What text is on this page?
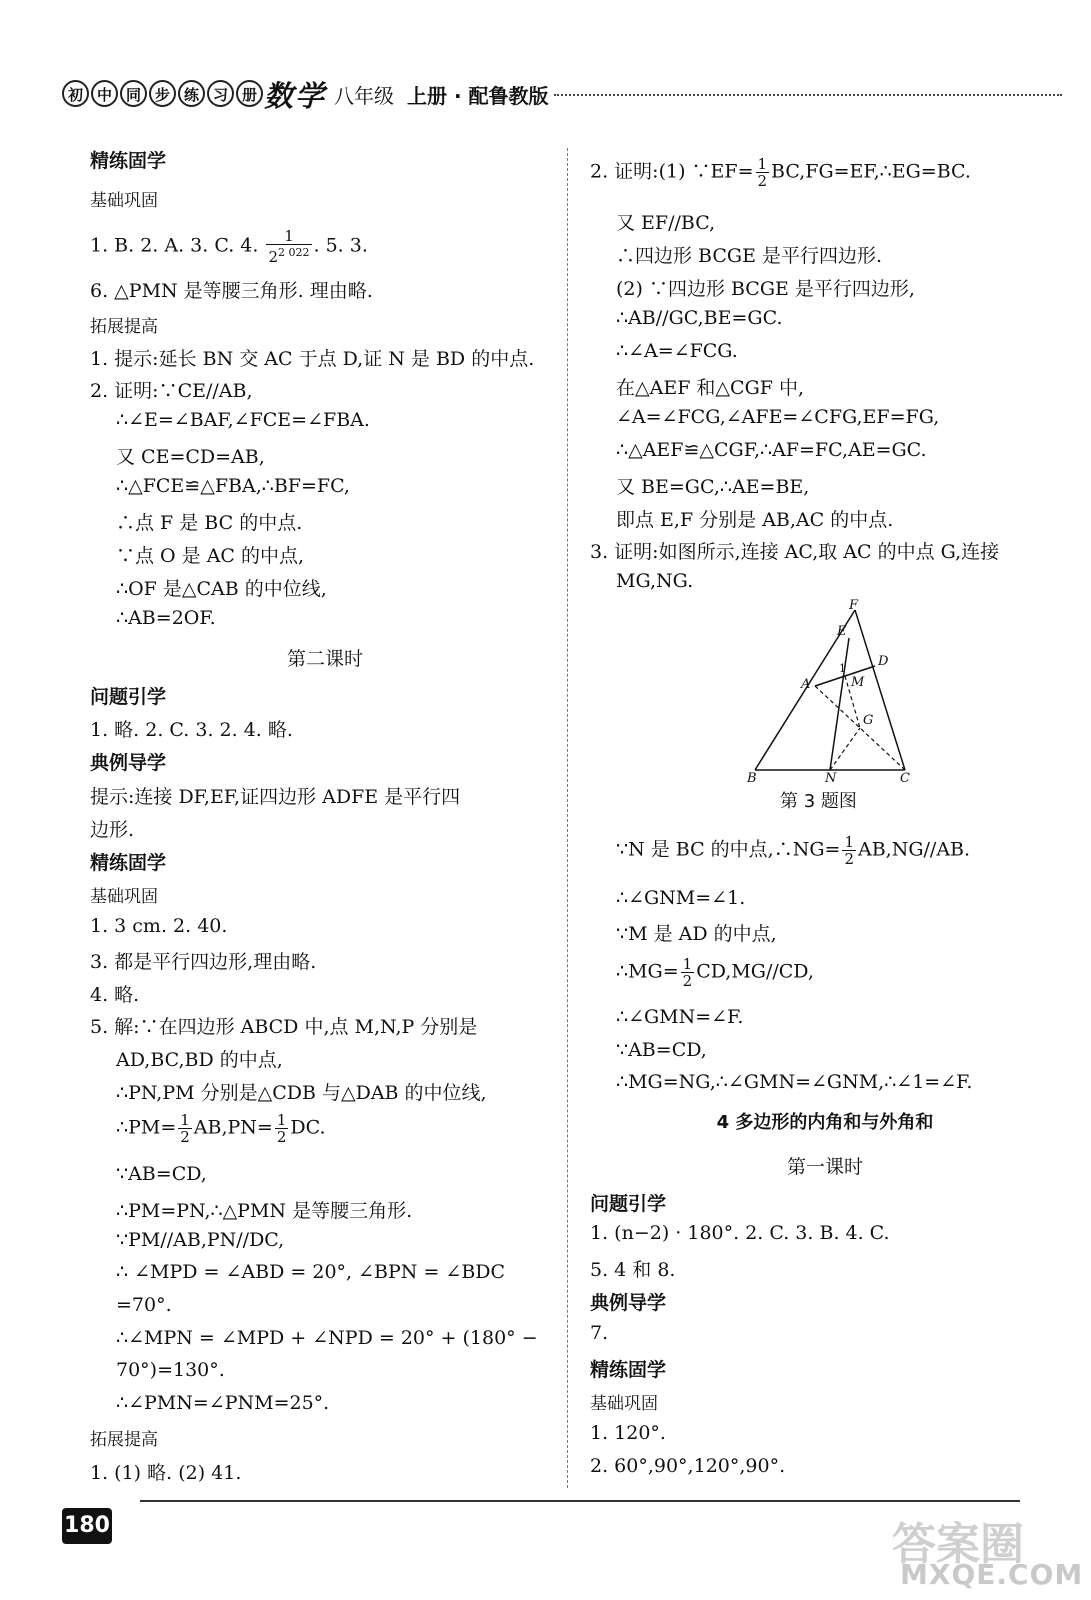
初 中 同 步 练 习 册 数学 八年级 上册 · 配鲁教版
精练固学
基础巩固
1. B. 2. A. 3. C. 4. $\frac{1}{2^{2 022}}$ . 5. 3.
6. △PMN 是等腰三角形. 理由略.
拓展提高
1. 提示:延长 BN 交 AC 于点 D,证 N 是 BD 的中点.
2. 证明:∵CE//AB,
∴∠E=∠BAF,∠FCE=∠FBA.
又 CE=CD=AB,
∴△FCE≌△FBA,∴BF=FC,
∴点 F 是 BC 的中点.
∵点 O 是 AC 的中点,
∴OF 是△CAB 的中位线,
∴AB=2OF.
第二课时
问题引学
1. 略. 2. C. 3. 2. 4. 略.
典例导学
提示:连接 DF,EF,证四边形 ADFE 是平行四
边形.
精练固学
基础巩固
1. 3 cm. 2. 40.
3. 都是平行四边形,理由略.
4. 略.
5. 解:∵在四边形 ABCD 中,点 M,N,P 分别是
AD,BC,BD 的中点,
∴PN,PM 分别是△CDB 与△DAB 的中位线,
∴PM= $\frac{1}{2} AB,PN= \frac{1}{2}$ DC.
∵AB=CD,
∴PM=PN,∴△PMN 是等腰三角形.
∵PM//AB,PN//DC,
∴ ∠MPD = ∠ABD = 20°, ∠BPN = ∠BDC
=70°.
∴∠MPN = ∠MPD + ∠NPD = 20° + (180° −
70°)=130°.
∴∠PMN=∠PNM=25°.
拓展提高
1. (1) 略. (2) 41.
2. 证明:(1) ∵EF= $\frac{1}{2}$ BC,FG=EF,∴EG=BC.
又 EF//BC,
∴四边形 BCGE 是平行四边形.
(2) ∵四边形 BCGE 是平行四边形,
∴AB//GC,BE=GC.
∴∠A=∠FCG.
在△AEF 和△CGF 中,
∠A=∠FCG,∠AFE=∠CFG,EF=FG,
∴△AEF≌△CGF,∴AF=FC,AE=GC.
又 BE=GC,∴AE=BE,
即点 E,F 分别是 AB,AC 的中点.
3. 证明:如图所示,连接 AC,取 AC 的中点 G,连接
MG,NG.
∵N 是 BC 的中点,∴NG= $\frac{1}{2} AB,NG//AB$.
∴∠GNM=∠1.
∵M 是 AD 的中点,
∴MG= $\frac{1}{2} CD,MG//CD$,
∴∠GMN=∠F.
∵AB=CD,
∴MG=NG,∴∠GMN=∠GNM,∴∠1=∠F.
4 多边形的内角和与外角和
第一课时
问题引学
1. (n−2) · 180°. 2. C. 3. B. 4. C.
5. 4 和 8.
典例导学
7.
精练固学
基础巩固
1. 120°.
2. 60°,90°,120°,90°.
F
E
D
A	M
1
G
B	N	C
第 3 题图
180	答案圈
MXQE.COM
